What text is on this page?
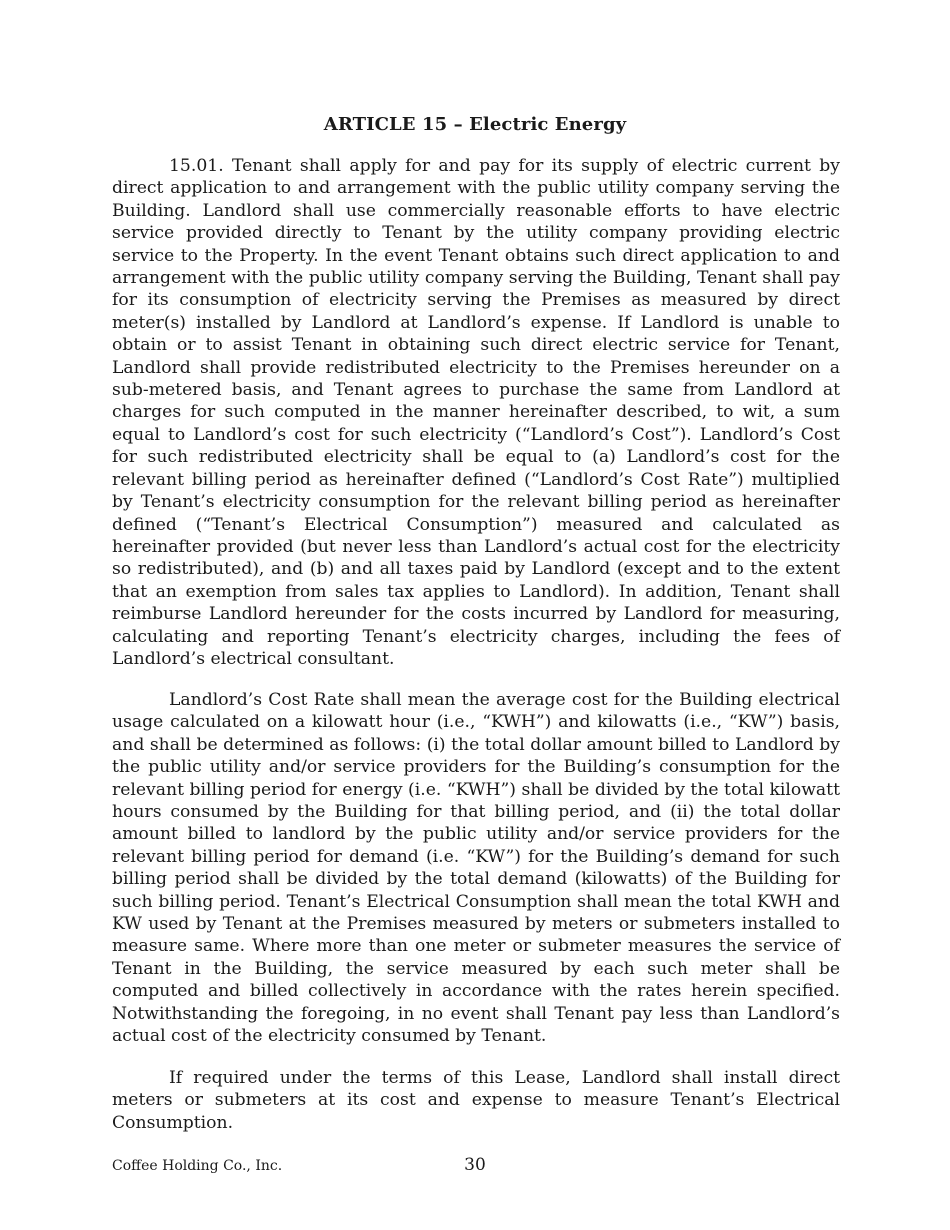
ARTICLE 15 – Electric Energy

15.01. Tenant shall apply for and pay for its supply of electric current by direct application to and arrangement with the public utility company serving the Building. Landlord shall use commercially reasonable efforts to have electric service provided directly to Tenant by the utility company providing electric service to the Property. In the event Tenant obtains such direct application to and arrangement with the public utility company serving the Building, Tenant shall pay for its consumption of electricity serving the Premises as measured by direct meter(s) installed by Landlord at Landlord’s expense. If Landlord is unable to obtain or to assist Tenant in obtaining such direct electric service for Tenant, Landlord shall provide redistributed electricity to the Premises hereunder on a sub-metered basis, and Tenant agrees to purchase the same from Landlord at charges for such computed in the manner hereinafter described, to wit, a sum equal to Landlord’s cost for such electricity (“Landlord’s Cost”). Landlord’s Cost for such redistributed electricity shall be equal to (a) Landlord’s cost for the relevant billing period as hereinafter defined (“Landlord’s Cost Rate”) multiplied by Tenant’s electricity consumption for the relevant billing period as hereinafter defined (“Tenant’s Electrical Consumption”) measured and calculated as hereinafter provided (but never less than Landlord’s actual cost for the electricity so redistributed), and (b) and all taxes paid by Landlord (except and to the extent that an exemption from sales tax applies to Landlord). In addition, Tenant shall reimburse Landlord hereunder for the costs incurred by Landlord for measuring, calculating and reporting Tenant’s electricity charges, including the fees of Landlord’s electrical consultant.

Landlord’s Cost Rate shall mean the average cost for the Building electrical usage calculated on a kilowatt hour (i.e., “KWH”) and kilowatts (i.e., “KW”) basis, and shall be determined as follows: (i) the total dollar amount billed to Landlord by the public utility and/or service providers for the Building’s consumption for the relevant billing period for energy (i.e. “KWH”) shall be divided by the total kilowatt hours consumed by the Building for that billing period, and (ii) the total dollar amount billed to landlord by the public utility and/or service providers for the relevant billing period for demand (i.e. “KW”) for the Building’s demand for such billing period shall be divided by the total demand (kilowatts) of the Building for such billing period. Tenant’s Electrical Consumption shall mean the total KWH and KW used by Tenant at the Premises measured by meters or submeters installed to measure same. Where more than one meter or submeter measures the service of Tenant in the Building, the service measured by each such meter shall be computed and billed collectively in accordance with the rates herein specified. Notwithstanding the foregoing, in no event shall Tenant pay less than Landlord’s actual cost of the electricity consumed by Tenant.

If required under the terms of this Lease, Landlord shall install direct meters or submeters at its cost and expense to measure Tenant’s Electrical Consumption.

Coffee Holding Co., Inc.	30
